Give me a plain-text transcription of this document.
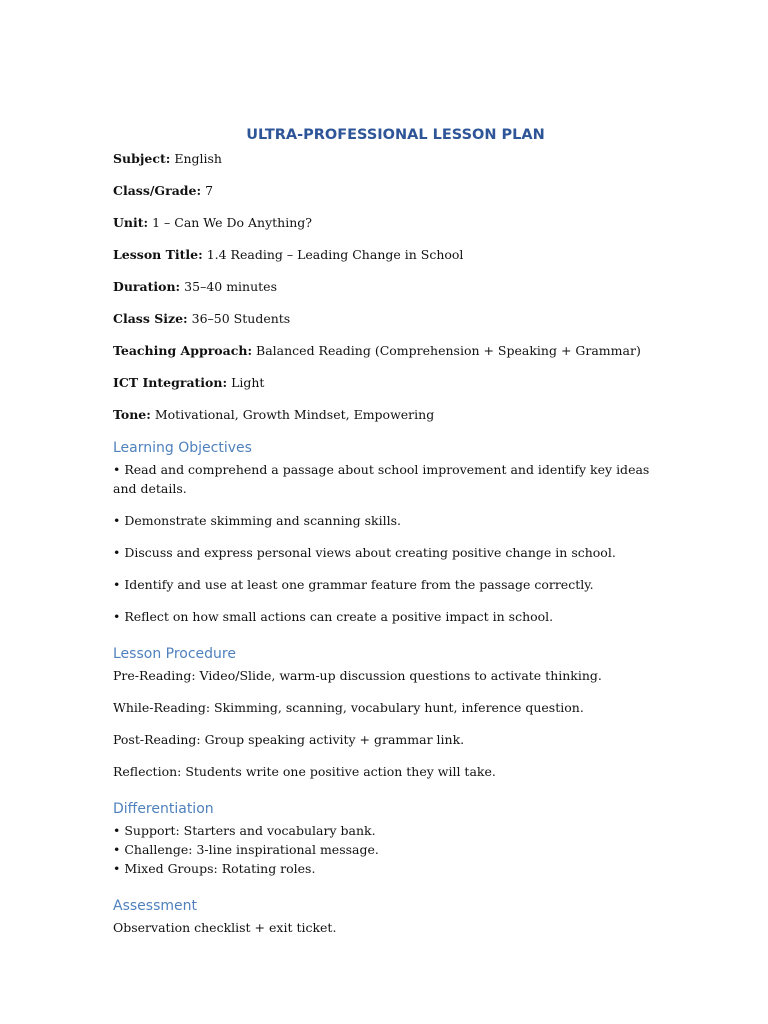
ULTRA-PROFESSIONAL LESSON PLAN
Subject: English
Class/Grade: 7
Unit: 1 – Can We Do Anything?
Lesson Title: 1.4 Reading – Leading Change in School
Duration: 35–40 minutes
Class Size: 36–50 Students
Teaching Approach: Balanced Reading (Comprehension + Speaking + Grammar)
ICT Integration: Light
Tone: Motivational, Growth Mindset, Empowering
Learning Objectives
• Read and comprehend a passage about school improvement and identify key ideas and details.
• Demonstrate skimming and scanning skills.
• Discuss and express personal views about creating positive change in school.
• Identify and use at least one grammar feature from the passage correctly.
• Reflect on how small actions can create a positive impact in school.
Lesson Procedure
Pre-Reading: Video/Slide, warm-up discussion questions to activate thinking.
While-Reading: Skimming, scanning, vocabulary hunt, inference question.
Post-Reading: Group speaking activity + grammar link.
Reflection: Students write one positive action they will take.
Differentiation
• Support: Starters and vocabulary bank.
• Challenge: 3-line inspirational message.
• Mixed Groups: Rotating roles.
Assessment
Observation checklist + exit ticket.
